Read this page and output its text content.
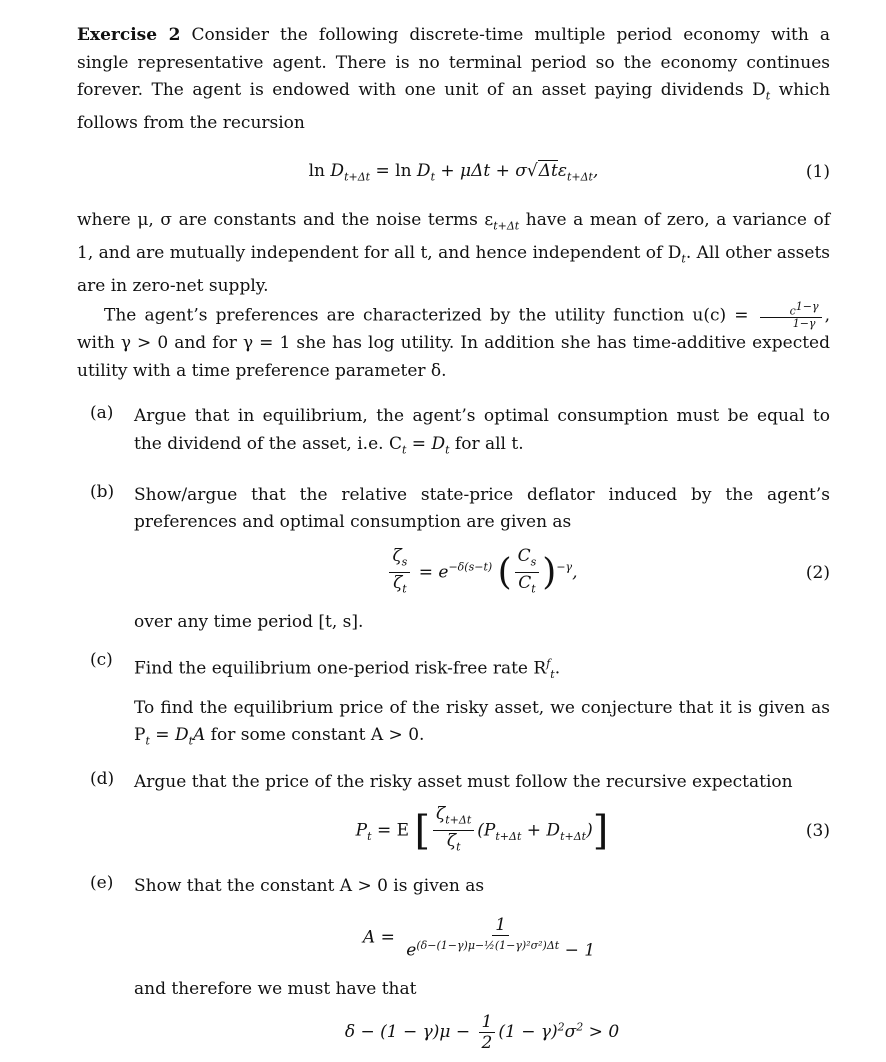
Exercise 2 Consider the following discrete-time multiple period economy with a single representative agent. There is no terminal period so the economy continues forever. The agent is endowed with one unit of an asset paying dividends $D_t$ which follows from the recursion

$\ln D_{t+\Delta t} = \ln D_t + \mu\Delta t + \sigma√\Delta t\varepsilon_{t+\Delta t}$,	(1)

where μ, σ are constants and the noise terms $\varepsilon_{t+\Delta t}$ have a mean of zero, a variance of 1, and are mutually independent for all t, and hence independent of $D_t$. All other assets are in zero-net supply.

The agent’s preferences are characterized by the utility function $u(c) = \frac{c^{1-\gamma}}{1-\gamma}$ , with γ > 0 and for γ = 1 she has log utility. In addition she has time-additive expected utility with a time preference parameter δ.

(a)	Argue that in equilibrium, the agent’s optimal consumption must be equal to the dividend of the asset, i.e. $C_t = D_t$ for all t.

(b)	Show/argue that the relative state-price deflator induced by the agent’s preferences and optimal consumption are given as

$\frac{\zeta_s}{\zeta_t} = e^{-\delta(s-t)}$ ( $\frac{C_s}{C_t} )^{-\gamma}$,	(2)

over any time period [t, s].

(c)	Find the equilibrium one-period risk-free rate $R^f_t$.

To find the equilibrium price of the risky asset, we conjecture that it is given as $P_t = D_tA$ for some constant A > 0.

(d)	Argue that the price of the risky asset must follow the recursive expectation

$P_t = E$ [ $\frac{\zeta_{t+\Delta t}}{\zeta_t} (P_{t+\Delta t} + D_{t+\Delta t})$]	(3)
(e)	Show that the constant A > 0 is given as

$A = \frac{1}{e^{(\delta-(1-\gamma)\mu-\frac{1}{2}(1-\gamma)^2\sigma^2)\Delta t} - 1}$

and therefore we must have that

$\delta - (1 - \gamma)\mu - \frac{1}{2} (1 - \gamma)^2\sigma^2 > 0$
